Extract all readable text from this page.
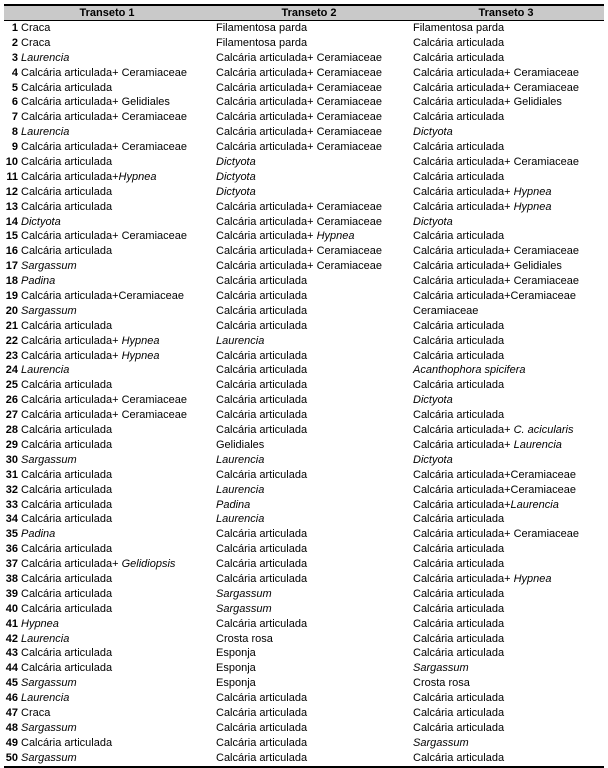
Transeto 1	Transeto 2	Transeto 3
1 Craca	Filamentosa parda	Filamentosa parda
2 Craca	Filamentosa parda	Calcária articulada
3 Laurencia	Calcária articulada+ Ceramiaceae	Calcária articulada
4 Calcária articulada+ Ceramiaceae	Calcária articulada+ Ceramiaceae	Calcária articulada+ Ceramiaceae
5 Calcária articulada	Calcária articulada+ Ceramiaceae	Calcária articulada+ Ceramiaceae
6 Calcária articulada+ Gelidiales	Calcária articulada+ Ceramiaceae	Calcária articulada+ Gelidiales
7 Calcária articulada+ Ceramiaceae	Calcária articulada+ Ceramiaceae	Calcária articulada
8 Laurencia	Calcária articulada+ Ceramiaceae	Dictyota
9 Calcária articulada+ Ceramiaceae	Calcária articulada+ Ceramiaceae	Calcária articulada
10 Calcária articulada	Dictyota	Calcária articulada+ Ceramiaceae
11 Calcária articulada+Hypnea	Dictyota	Calcária articulada
12 Calcária articulada	Dictyota	Calcária articulada+ Hypnea
13 Calcária articulada	Calcária articulada+ Ceramiaceae	Calcária articulada+ Hypnea
14 Dictyota	Calcária articulada+ Ceramiaceae	Dictyota
15 Calcária articulada+ Ceramiaceae	Calcária articulada+ Hypnea	Calcária articulada
16 Calcária articulada	Calcária articulada+ Ceramiaceae	Calcária articulada+ Ceramiaceae
17 Sargassum	Calcária articulada+ Ceramiaceae	Calcária articulada+ Gelidiales
18 Padina	Calcária articulada	Calcária articulada+ Ceramiaceae
19 Calcária articulada+Ceramiaceae	Calcária articulada	Calcária articulada+Ceramiaceae
20 Sargassum	Calcária articulada	Ceramiaceae
21 Calcária articulada	Calcária articulada	Calcária articulada
22 Calcária articulada+ Hypnea	Laurencia	Calcária articulada
23 Calcária articulada+ Hypnea	Calcária articulada	Calcária articulada
24 Laurencia	Calcária articulada	Acanthophora spicifera
25 Calcária articulada	Calcária articulada	Calcária articulada
26 Calcária articulada+ Ceramiaceae	Calcária articulada	Dictyota
27 Calcária articulada+ Ceramiaceae	Calcária articulada	Calcária articulada
28 Calcária articulada	Calcária articulada	Calcária articulada+ C. acicularis
29 Calcária articulada	Gelidiales	Calcária articulada+ Laurencia
30 Sargassum	Laurencia	Dictyota
31 Calcária articulada	Calcária articulada	Calcária articulada+Ceramiaceae
32 Calcária articulada	Laurencia	Calcária articulada+Ceramiaceae
33 Calcária articulada	Padina	Calcária articulada+Laurencia
34 Calcária articulada	Laurencia	Calcária articulada
35 Padina	Calcária articulada	Calcária articulada+ Ceramiaceae
36 Calcária articulada	Calcária articulada	Calcária articulada
37 Calcária articulada+ Gelidiopsis	Calcária articulada	Calcária articulada
38 Calcária articulada	Calcária articulada	Calcária articulada+ Hypnea
39 Calcária articulada	Sargassum	Calcária articulada
40 Calcária articulada	Sargassum	Calcária articulada
41 Hypnea	Calcária articulada	Calcária articulada
42 Laurencia	Crosta rosa	Calcária articulada
43 Calcária articulada	Esponja	Calcária articulada
44 Calcária articulada	Esponja	Sargassum
45 Sargassum	Esponja	Crosta rosa
46 Laurencia	Calcária articulada	Calcária articulada
47 Craca	Calcária articulada	Calcária articulada
48 Sargassum	Calcária articulada	Calcária articulada
49 Calcária articulada	Calcária articulada	Sargassum
50 Sargassum	Calcária articulada	Calcária articulada
